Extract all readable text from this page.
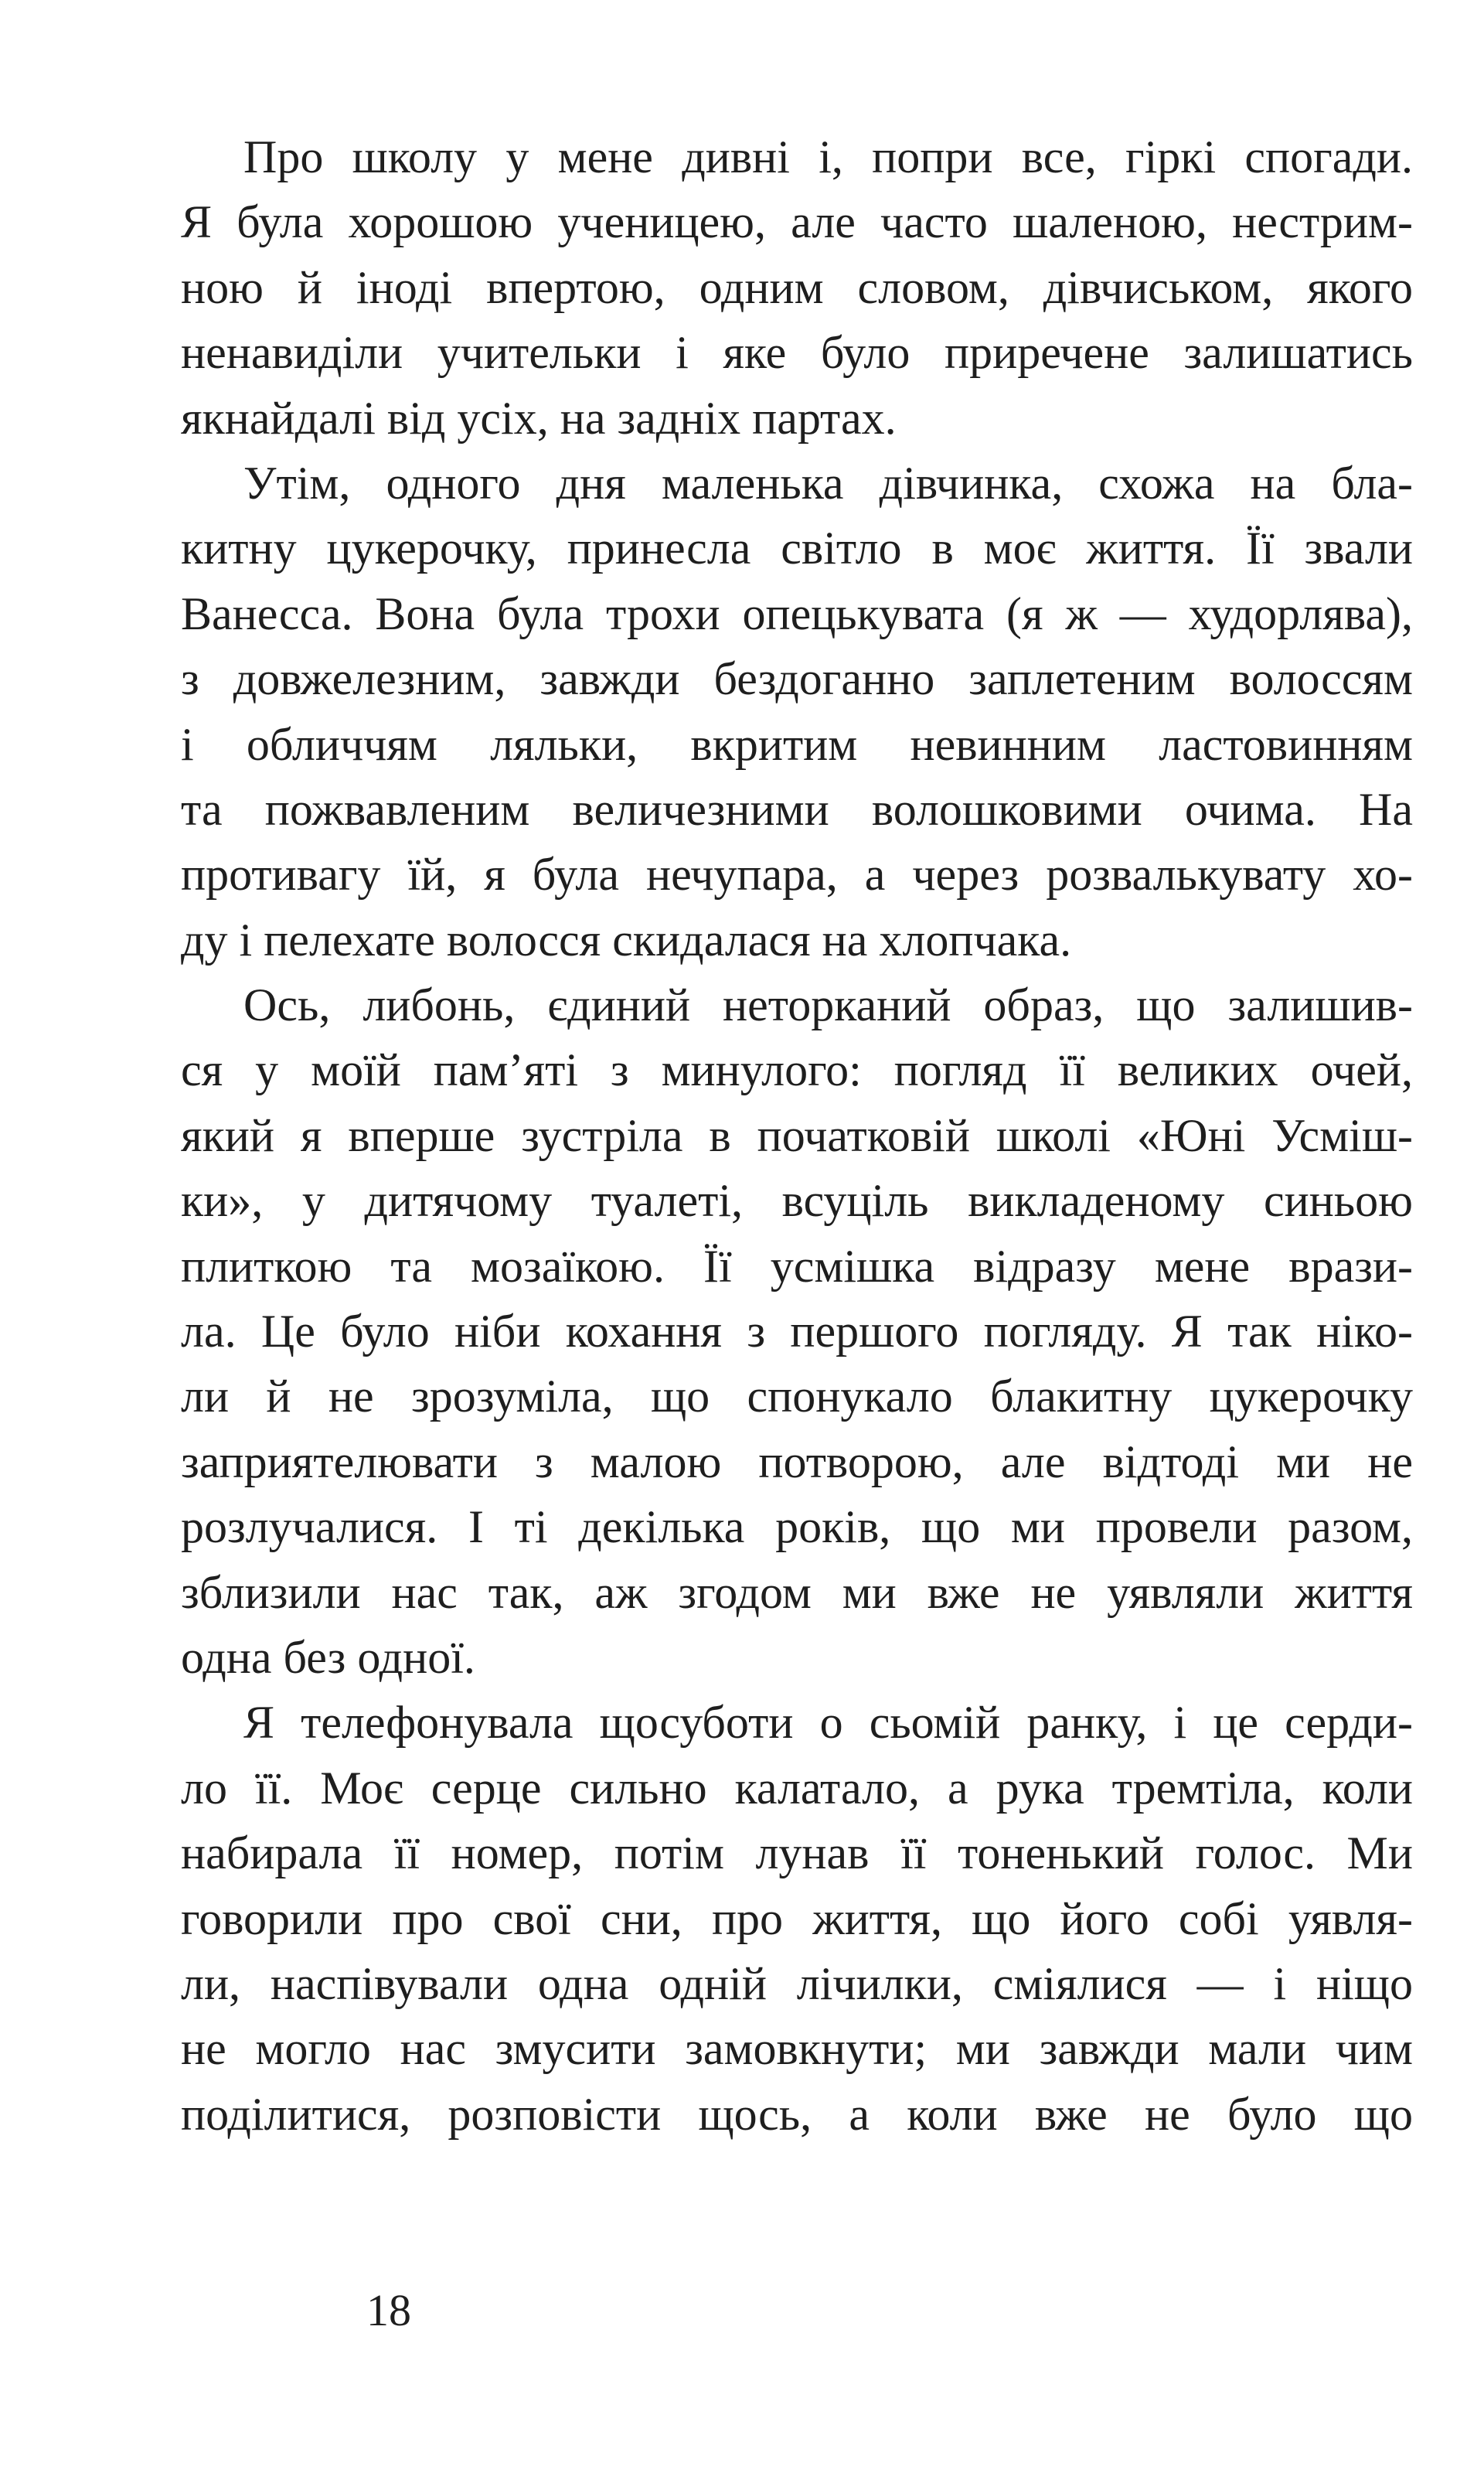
Про школу у мене дивні і, попри все, гіркі спогади.
Я була хорошою ученицею, але часто шаленою, нестрим-
ною й іноді впертою, одним словом, дівчиськом, якого
ненавиділи учительки і яке було приречене залишатись
якнайдалі від усіх, на задніх партах.
Утім, одного дня маленька дівчинка, схожа на бла-
китну цукерочку, принесла світло в моє життя. Її звали
Ванесса. Вона була трохи опецькувата (я ж — худорлява),
з довжелезним, завжди бездоганно заплетеним волоссям
і обличчям ляльки, вкритим невинним ластовинням
та пожвавленим величезними волошковими очима. На
противагу їй, я була нечупара, а через розвалькувату хо-
ду і пелехате волосся скидалася на хлопчака.
Ось, либонь, єдиний неторканий образ, що залишив-
ся у моїй пам’яті з минулого: погляд її великих очей,
який я вперше зустріла в початковій школі «Юні Усміш-
ки», у дитячому туалеті, всуціль викладеному синьою
плиткою та мозаїкою. Її усмішка відразу мене врази-
ла. Це було ніби кохання з першого погляду. Я так ніко-
ли й не зрозуміла, що спонукало блакитну цукерочку
заприятелювати з малою потворою, але відтоді ми не
розлучалися. І ті декілька років, що ми провели разом,
зблизили нас так, аж згодом ми вже не уявляли життя
одна без одної.
Я телефонувала щосуботи о сьомій ранку, і це серди-
ло її. Моє серце сильно калатало, а рука тремтіла, коли
набирала її номер, потім лунав її тоненький голос. Ми
говорили про свої сни, про життя, що його собі уявля-
ли, наспівували одна одній лічилки, сміялися — і ніщо
не могло нас змусити замовкнути; ми завжди мали чим
поділитися, розповісти щось, а коли вже не було що
18
